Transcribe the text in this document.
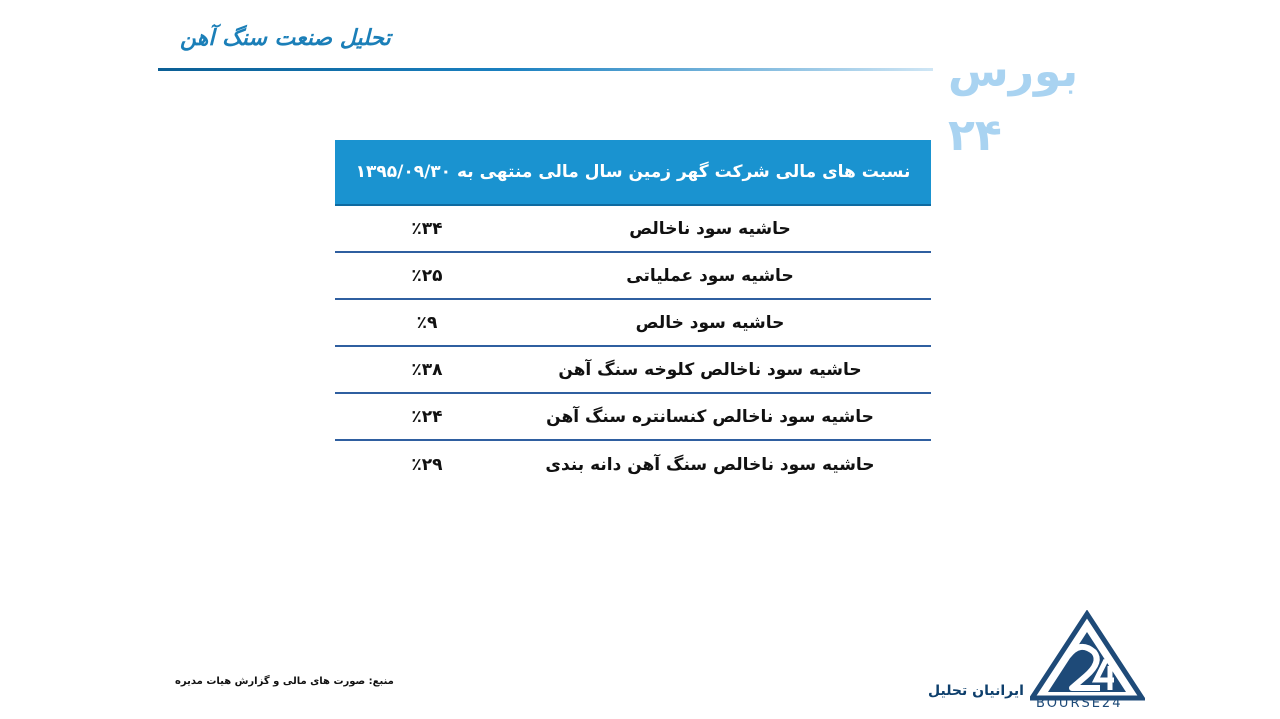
تحلیل صنعت سنگ آهن
بورس ۲۴
نسبت های مالی شرکت گهر زمین سال مالی منتهی به ۱۳۹۵/۰۹/۳۰
٪۳۴	حاشیه سود ناخالص
٪۲۵	حاشیه سود عملیاتی
٪۹	حاشیه سود خالص
٪۳۸	حاشیه سود ناخالص کلوخه سنگ آهن
٪۲۴	حاشیه سود ناخالص کنسانتره سنگ آهن
٪۲۹	حاشیه سود ناخالص سنگ آهن دانه بندی
منبع: صورت های مالی و گزارش هیات مدیره
ایرانیان تحلیل
BOURSE24
